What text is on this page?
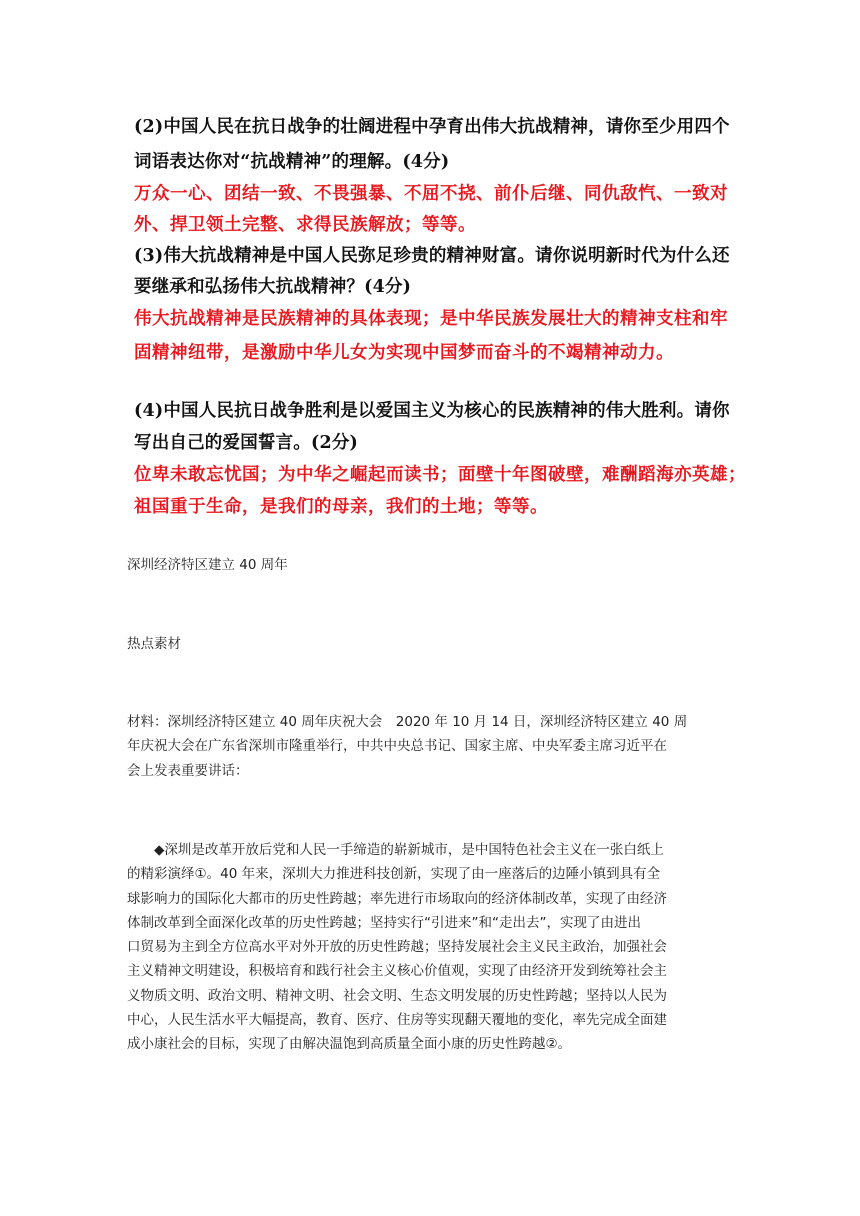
(2)中国人民在抗日战争的壮阔进程中孕育出伟大抗战精神，请你至少用四个
词语表达你对“抗战精神”的理解。(4分)
万众一心、团结一致、不畏强暴、不屈不挠、前仆后继、同仇敌忾、一致对
外、捍卫领土完整、求得民族解放；等等。
(3)伟大抗战精神是中国人民弥足珍贵的精神财富。请你说明新时代为什么还
要继承和弘扬伟大抗战精神？(4分)
伟大抗战精神是民族精神的具体表现；是中华民族发展壮大的精神支柱和牢
固精神纽带，是激励中华儿女为实现中国梦而奋斗的不竭精神动力。
(4)中国人民抗日战争胜利是以爱国主义为核心的民族精神的伟大胜利。请你
写出自己的爱国誓言。(2分)
位卑未敢忘忧国；为中华之崛起而读书；面壁十年图破壁，难酬蹈海亦英雄；
祖国重于生命，是我们的母亲，我们的土地；等等。
深圳经济特区建立 40 周年
热点素材
材料：深圳经济特区建立 40 周年庆祝大会　2020 年 10 月 14 日，深圳经济特区建立 40 周
年庆祝大会在广东省深圳市隆重举行，中共中央总书记、国家主席、中央军委主席习近平在
会上发表重要讲话：
　　◆深圳是改革开放后党和人民一手缔造的崭新城市，是中国特色社会主义在一张白纸上
的精彩演绎①。40 年来，深圳大力推进科技创新，实现了由一座落后的边陲小镇到具有全
球影响力的国际化大都市的历史性跨越；率先进行市场取向的经济体制改革，实现了由经济
体制改革到全面深化改革的历史性跨越；坚持实行“引进来”和“走出去”，实现了由进出
口贸易为主到全方位高水平对外开放的历史性跨越；坚持发展社会主义民主政治，加强社会
主义精神文明建设，积极培育和践行社会主义核心价值观，实现了由经济开发到统筹社会主
义物质文明、政治文明、精神文明、社会文明、生态文明发展的历史性跨越；坚持以人民为
中心，人民生活水平大幅提高，教育、医疗、住房等实现翻天覆地的变化，率先完成全面建
成小康社会的目标，实现了由解决温饱到高质量全面小康的历史性跨越②。
